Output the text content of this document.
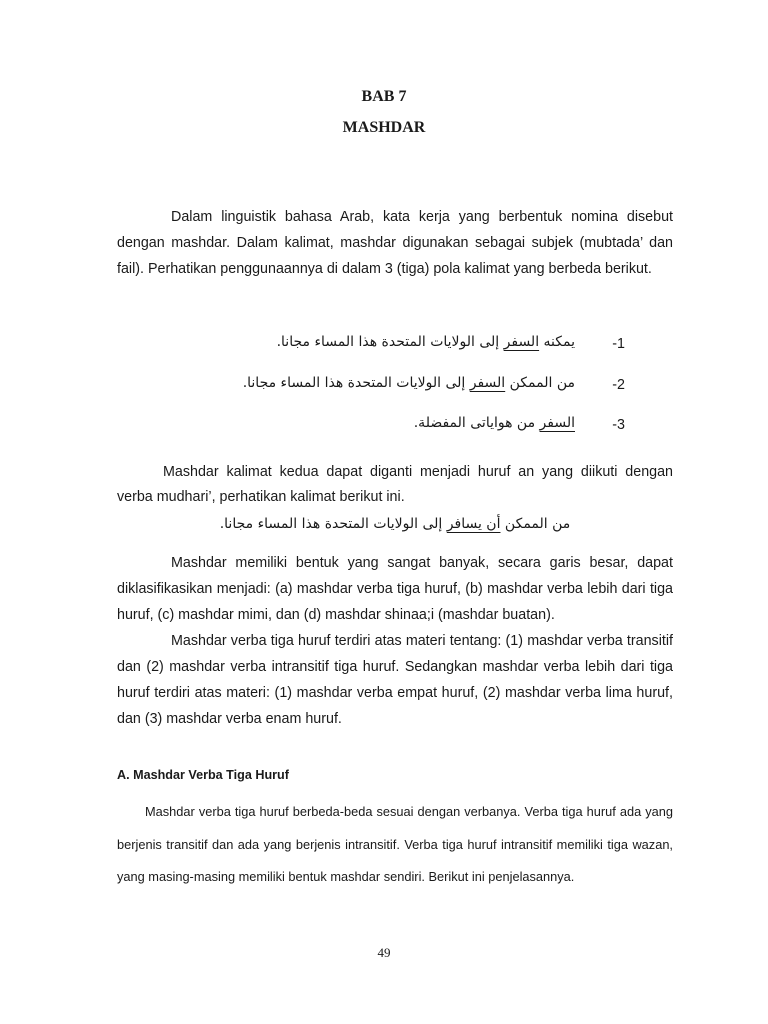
BAB 7
MASHDAR
Dalam linguistik bahasa Arab, kata kerja yang berbentuk nomina disebut dengan mashdar. Dalam kalimat, mashdar digunakan sebagai subjek (mubtada’ dan fail). Perhatikan penggunaannya di dalam 3 (tiga) pola kalimat yang berbeda berikut.
-1
يمكنه السفر إلى الولايات المتحدة هذا المساء مجانا.
-2
من الممكن السفر إلى الولايات المتحدة هذا المساء مجانا.
-3
السفر من هواياتى المفضلة.
Mashdar kalimat kedua dapat diganti menjadi huruf an yang diikuti dengan verba mudhari’, perhatikan kalimat berikut ini.
من الممكن أن يسافر إلى الولايات المتحدة هذا المساء مجانا.
Mashdar memiliki bentuk yang sangat banyak, secara garis besar, dapat diklasifikasikan menjadi: (a) mashdar verba tiga huruf, (b) mashdar verba lebih dari tiga huruf, (c) mashdar mimi, dan (d) mashdar shinaa;i (mashdar buatan).
Mashdar verba tiga huruf terdiri atas materi tentang: (1) mashdar verba transitif dan (2) mashdar verba intransitif tiga huruf. Sedangkan mashdar verba lebih dari tiga huruf terdiri atas materi: (1) mashdar verba empat huruf, (2) mashdar verba lima huruf, dan (3) mashdar verba enam huruf.
A. Mashdar Verba Tiga Huruf
Mashdar verba tiga huruf berbeda-beda sesuai dengan verbanya. Verba tiga huruf ada yang berjenis transitif dan ada yang berjenis intransitif. Verba tiga huruf intransitif memiliki tiga wazan, yang masing-masing memiliki bentuk mashdar sendiri. Berikut ini penjelasannya.
49
